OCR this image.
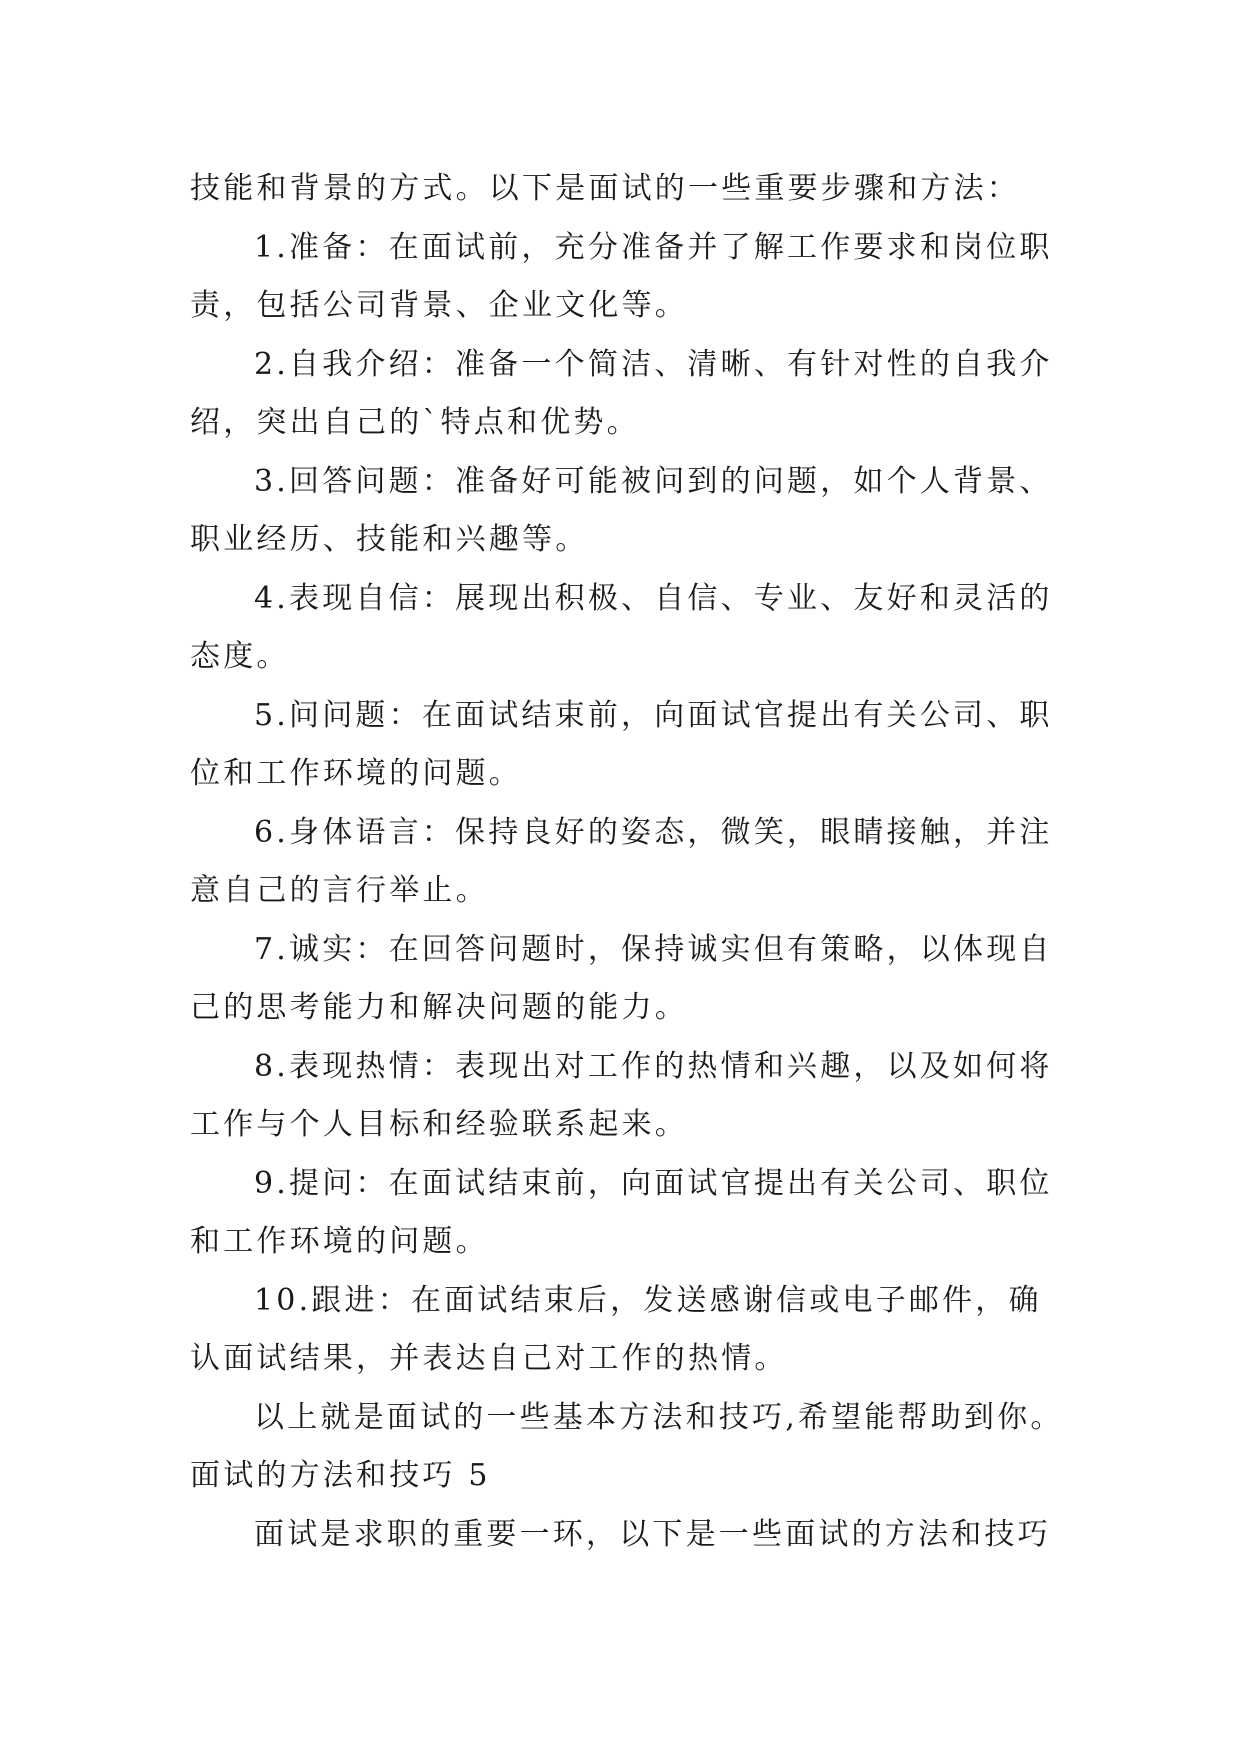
技能和背景的方式。以下是面试的一些重要步骤和方法：
1.准备：在面试前，充分准备并了解工作要求和岗位职
责，包括公司背景、企业文化等。
2.自我介绍：准备一个简洁、清晰、有针对性的自我介
绍，突出自己的`特点和优势。
3.回答问题：准备好可能被问到的问题，如个人背景、
职业经历、技能和兴趣等。
4.表现自信：展现出积极、自信、专业、友好和灵活的
态度。
5.问问题：在面试结束前，向面试官提出有关公司、职
位和工作环境的问题。
6.身体语言：保持良好的姿态，微笑，眼睛接触，并注
意自己的言行举止。
7.诚实：在回答问题时，保持诚实但有策略，以体现自
己的思考能力和解决问题的能力。
8.表现热情：表现出对工作的热情和兴趣，以及如何将
工作与个人目标和经验联系起来。
9.提问：在面试结束前，向面试官提出有关公司、职位
和工作环境的问题。
10.跟进：在面试结束后，发送感谢信或电子邮件，确
认面试结果，并表达自己对工作的热情。
以上就是面试的一些基本方法和技巧,希望能帮助到你。
面试的方法和技巧 5
面试是求职的重要一环，以下是一些面试的方法和技巧
